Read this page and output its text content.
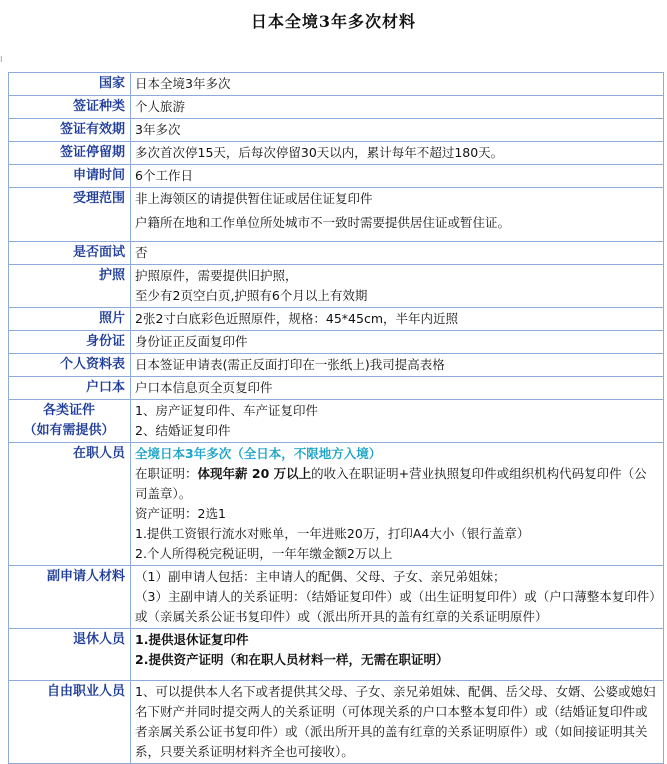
日本全境3年多次材料
⁝
国家	日本全境3年多次

签证种类	个人旅游

签证有效期	3年多次

签证停留期	多次首次停15天，后每次停留30天以内，累计每年不超过180天。

申请时间	6个工作日

受理范围	非上海领区的请提供暂住证或居住证复印件
户籍所在地和工作单位所处城市不一致时需要提供居住证或暂住证。

是否面试	否

护照	护照原件，需要提供旧护照，
至少有2页空白页,护照有6个月以上有效期

照片	2张2寸白底彩色近照原件，规格：45*45cm，半年内近照

身份证	身份证正反面复印件

个人资料表	日本签证申请表(需正反面打印在一张纸上)我司提高表格

户口本	户口本信息页全页复印件

各类证件
（如有需提供）	1、房产证复印件、车产证复印件
2、结婚证复印件

在职人员	全境日本3年多次（全日本，不限地方入境）
在职证明：体现年薪 20 万以上的收入在职证明+营业执照复印件或组织机构代码复印件（公司盖章）。
资产证明：2选1
1.提供工资银行流水对账单，一年进账20万，打印A4大小（银行盖章）
2.个人所得税完税证明，一年年缴金额2万以上

副申请人材料	（1）副申请人包括：主申请人的配偶、父母、子女、亲兄弟姐妹；
（3）主副申请人的关系证明：（结婚证复印件）或（出生证明复印件）或（户口薄整本复印件）或（亲属关系公证书复印件）或（派出所开具的盖有红章的关系证明原件）

退休人员	1.提供退休证复印件
2.提供资产证明（和在职人员材料一样，无需在职证明）

自由职业人员	1、可以提供本人名下或者提供其父母、子女、亲兄弟姐妹、配偶、岳父母、女婿、公婆或媳妇名下财产并同时提交两人的关系证明（可体现关系的户口本整本复印件）或（结婚证复印件或者亲属关系公证书复印件）或（派出所开具的盖有红章的关系证明原件）或（如间接证明其关系，只要关系证明材料齐全也可接收）。
